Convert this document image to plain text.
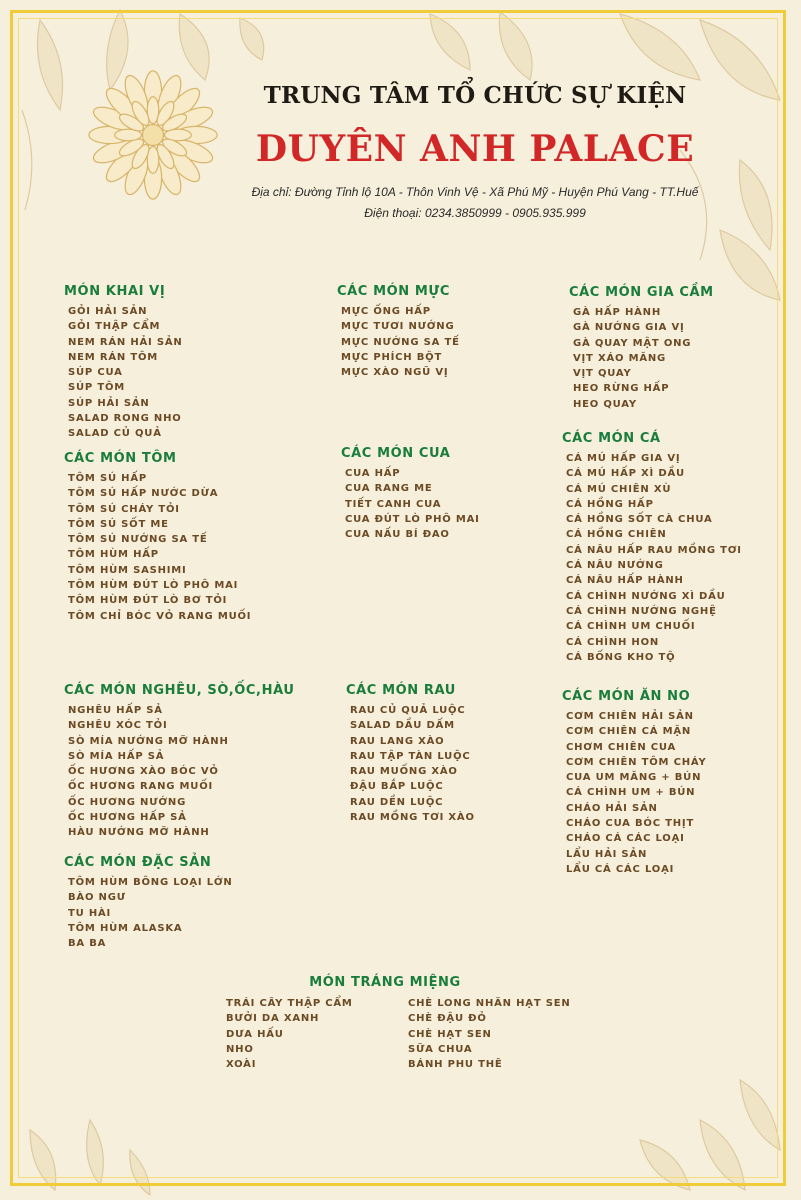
TRUNG TÂM TỔ CHỨC SỰ KIỆN
DUYÊN ANH PALACE
Địa chỉ: Đường Tỉnh lộ 10A - Thôn Vinh Vệ - Xã Phú Mỹ - Huyện Phú Vang - TT.Huế
Điện thoại: 0234.3850999 - 0905.935.999
MÓN KHAI VỊ
GỎI HẢI SẢN
GỎI THẬP CẨM
NEM RÁN HẢI SẢN
NEM RÁN TÔM
SÚP CUA
SÚP TÔM
SÚP HẢI SẢN
SALAD RONG NHO
SALAD CỦ QUẢ
CÁC MÓN TÔM
TÔM SÚ HẤP
TÔM SÚ HẤP NƯỚC DỪA
TÔM SÚ CHÁY TỎI
TÔM SÚ SỐT ME
TÔM SÚ NƯỚNG SA TẾ
TÔM HÙM HẤP
TÔM HÙM SASHIMI
TÔM HÙM ĐÚT LÒ PHÔ MAI
TÔM HÙM ĐÚT LÒ BƠ TỎI
TÔM CHỈ BÓC VỎ RANG MUỐI
CÁC MÓN NGHÊU, SÒ,ỐC,HÀU
NGHÊU HẤP SẢ
NGHÊU XÓC TỎI
SÒ MÍA NƯỚNG MỠ HÀNH
SÒ MÍA HẤP SẢ
ỐC HƯƠNG XÀO BÓC VỎ
ỐC HƯƠNG RANG MUỐI
ỐC HƯƠNG NƯỚNG
ỐC HƯƠNG HẤP SẢ
HÀU NƯỚNG MỠ HÀNH
CÁC MÓN ĐẶC SẢN
TÔM HÙM BÔNG LOẠI LỚN
BÀO NGƯ
TU HÀI
TÔM HÙM ALASKA
BA BA
CÁC MÓN MỰC
MỰC ỐNG HẤP
MỰC TƯƠI NƯỚNG
MỰC NƯỚNG SA TẾ
MỰC PHÍCH BỘT
MỰC XÀO NGŨ VỊ
CÁC MÓN CUA
CUA HẤP
CUA RANG ME
TIẾT CANH CUA
CUA ĐÚT LÒ PHÔ MAI
CUA NẤU BÍ ĐAO
CÁC MÓN RAU
RAU CỦ QUẢ LUỘC
SALAD DẦU DẤM
RAU LANG XÀO
RAU TẬP TÀN LUỘC
RAU MUỐNG XÀO
ĐẬU BẮP LUỘC
RAU DỀN LUỘC
RAU MỒNG TƠI XÀO
CÁC MÓN GIA CẦM
GÀ HẤP HÀNH
GÀ NƯỚNG GIA VỊ
GÀ QUAY MẬT ONG
VỊT XÁO MĂNG
VỊT QUAY
HEO RỪNG HẤP
HEO QUAY
CÁC MÓN CÁ
CÁ MÚ HẤP GIA VỊ
CÁ MÚ HẤP XÌ DẦU
CÁ MÚ CHIÊN XÙ
CÁ HỒNG HẤP
CÁ HỒNG SỐT CÀ CHUA
CÁ HỒNG CHIÊN
CÁ NÂU HẤP RAU MỒNG TƠI
CÁ NÂU NƯỚNG
CÁ NÂU HẤP HÀNH
CÁ CHÌNH NƯỚNG XÌ DẦU
CÁ CHÌNH NƯỚNG NGHỆ
CÁ CHÌNH UM CHUỐI
CÁ CHÌNH HON
CÁ BỐNG KHO TỘ
CÁC MÓN ĂN NO
CƠM CHIÊN HẢI SẢN
CƠM CHIÊN CÁ MẶN
CHƠM CHIÊN CUA
CƠM CHIÊN TÔM CHÁY
CUA UM MĂNG + BÚN
CÁ CHÌNH UM + BÚN
CHÁO HẢI SẢN
CHÁO CUA BÓC THỊT
CHÁO CÁ CÁC LOẠI
LẨU HẢI SẢN
LẨU CÁ CÁC LOẠI
MÓN TRÁNG MIỆNG
TRÁI CÂY THẬP CẨM
BƯỞI DA XANH
DƯA HẤU
NHO
XOÀI
CHÈ LONG NHÃN HẠT SEN
CHÈ ĐẬU ĐỎ
CHÈ HẠT SEN
SỮA CHUA
BÁNH PHU THÊ
